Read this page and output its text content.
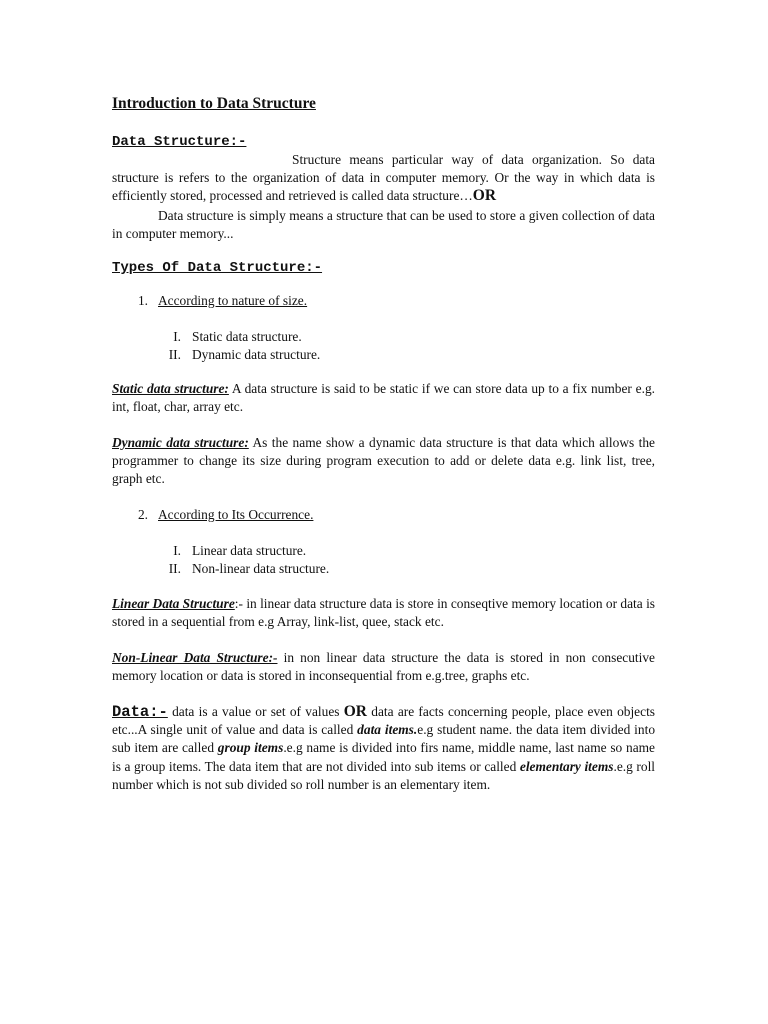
Introduction to Data Structure
Data Structure:-
Structure means particular way of data organization. So data structure is refers to the organization of data in computer memory. Or the way in which data is efficiently stored, processed and retrieved is called data structure…OR
Data structure is simply means a structure that can be used to store a given collection of data in computer memory...
Types Of Data Structure:-
1. According to nature of size.
I. Static data structure.
II. Dynamic data structure.
Static data structure: A data structure is said to be static if we can store data up to a fix number e.g. int, float, char, array etc.
Dynamic data structure: As the name show a dynamic data structure is that data which allows the programmer to change its size during program execution to add or delete data e.g. link list, tree, graph etc.
2. According to Its Occurrence.
I. Linear data structure.
II. Non-linear data structure.
Linear Data Structure:- in linear data structure data is store in conseqtive memory location or data is stored in a sequential from e.g Array, link-list, quee, stack etc.
Non-Linear Data Structure:- in non linear data structure the data is stored in non consecutive memory location or data is stored in inconsequential from e.g.tree, graphs etc.
Data:- data is a value or set of values OR data are facts concerning people, place even objects etc...A single unit of value and data is called data items.e.g student name. the data item divided into sub item are called group items.e.g name is divided into firs name, middle name, last name so name is a group items. The data item that are not divided into sub items or called elementary items.e.g roll number which is not sub divided so roll number is an elementary item.
